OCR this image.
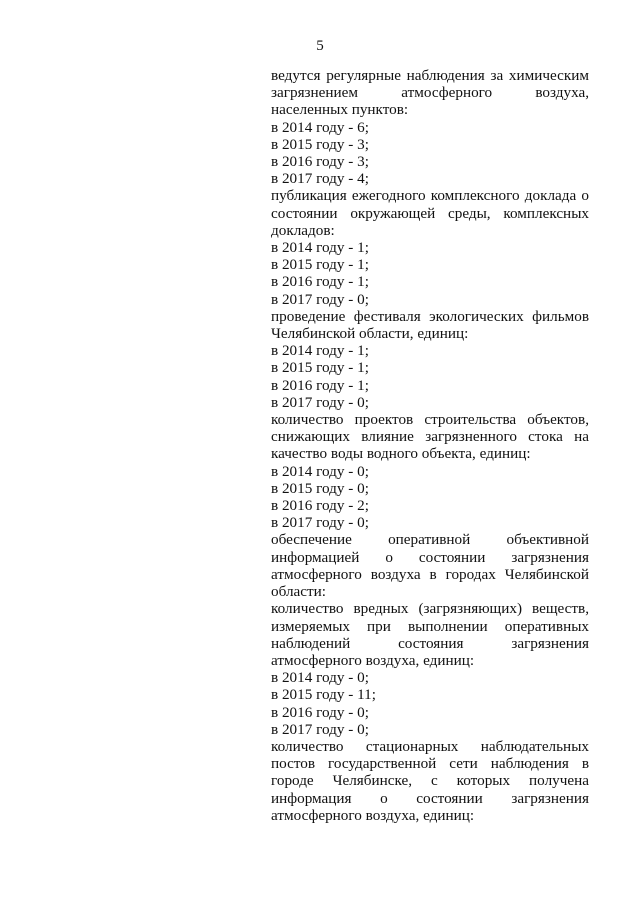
5

ведутся регулярные наблюдения за химическим загрязнением атмосферного воздуха, населенных пунктов:

в 2014 году - 6;

в 2015 году - 3;

в 2016 году - 3;

в 2017 году - 4;

публикация ежегодного комплексного доклада о состоянии окружающей среды, комплексных докладов:

в 2014 году - 1;

в 2015 году - 1;

в 2016 году - 1;

в 2017 году - 0;

проведение фестиваля экологических фильмов Челябинской области, единиц:

в 2014 году - 1;

в 2015 году - 1;

в 2016 году - 1;

в 2017 году - 0;

количество проектов строительства объектов, снижающих влияние загрязненного стока на качество воды водного объекта, единиц:

в 2014 году - 0;

в 2015 году - 0;

в 2016 году - 2;

в 2017 году - 0;

обеспечение оперативной объективной информацией о состоянии загрязнения атмосферного воздуха в городах Челябинской области:

количество вредных (загрязняющих) веществ, измеряемых при выполнении оперативных наблюдений состояния загрязнения атмосферного воздуха, единиц:

в 2014 году - 0;

в 2015 году - 11;

в 2016 году - 0;

в 2017 году - 0;

количество стационарных наблюдательных постов государственной сети наблюдения в городе Челябинске, с которых получена информация о состоянии загрязнения атмосферного воздуха, единиц:
